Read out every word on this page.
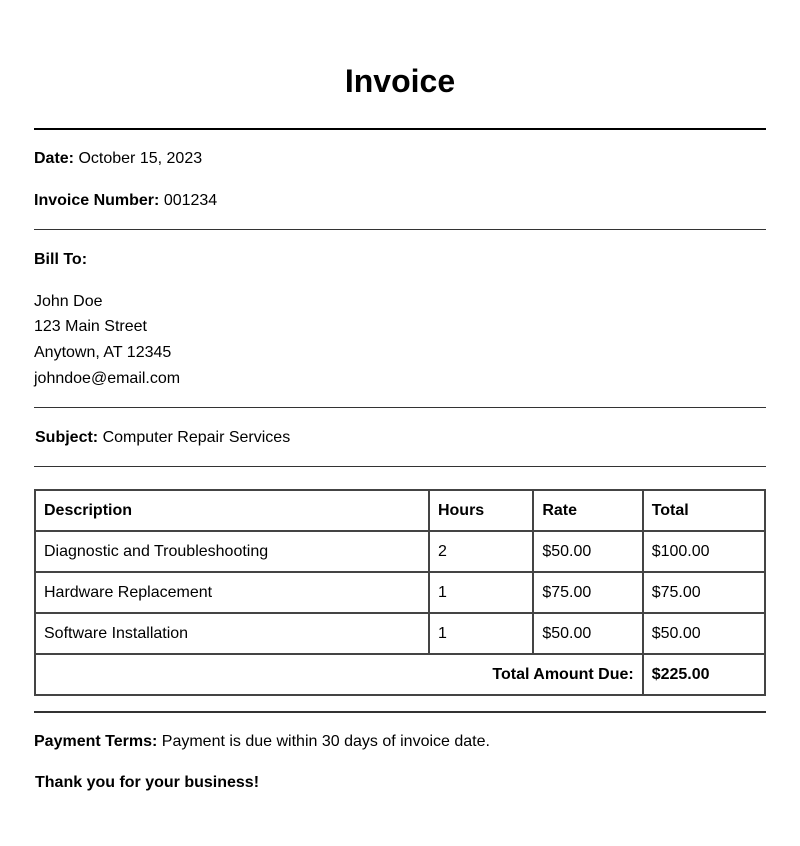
Invoice
Date: October 15, 2023
Invoice Number: 001234
Bill To:
John Doe
123 Main Street
Anytown, AT 12345
johndoe@email.com
Subject: Computer Repair Services
Description	Hours	Rate	Total
Diagnostic and Troubleshooting	2	$50.00	$100.00
Hardware Replacement	1	$75.00	$75.00
Software Installation	1	$50.00	$50.00
Total Amount Due:			$225.00
Payment Terms: Payment is due within 30 days of invoice date.
Thank you for your business!
